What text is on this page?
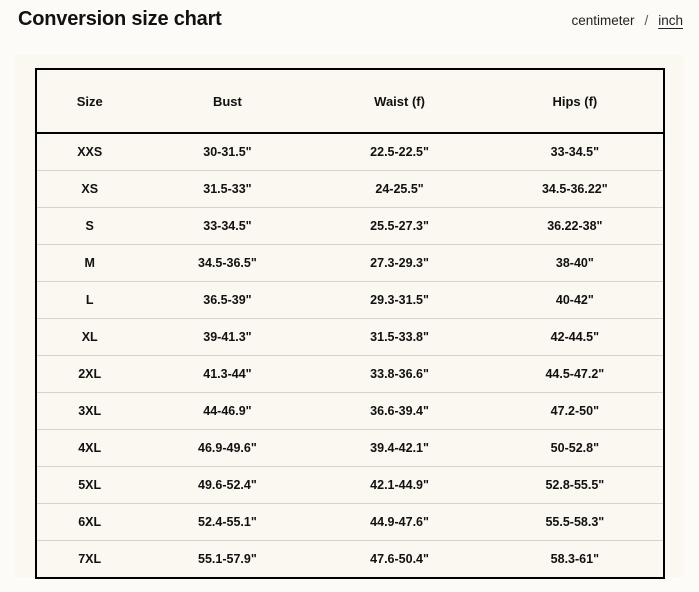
Conversion size chart	centimeter / inch
Size	Bust	Waist (f)	Hips (f)
XXS	30-31.5"	22.5-22.5"	33-34.5"
XS	31.5-33"	24-25.5"	34.5-36.22"
S	33-34.5"	25.5-27.3"	36.22-38"
M	34.5-36.5"	27.3-29.3"	38-40"
L	36.5-39"	29.3-31.5"	40-42"
XL	39-41.3"	31.5-33.8"	42-44.5"
2XL	41.3-44"	33.8-36.6"	44.5-47.2"
3XL	44-46.9"	36.6-39.4"	47.2-50"
4XL	46.9-49.6"	39.4-42.1"	50-52.8"
5XL	49.6-52.4"	42.1-44.9"	52.8-55.5"
6XL	52.4-55.1"	44.9-47.6"	55.5-58.3"
7XL	55.1-57.9"	47.6-50.4"	58.3-61"
